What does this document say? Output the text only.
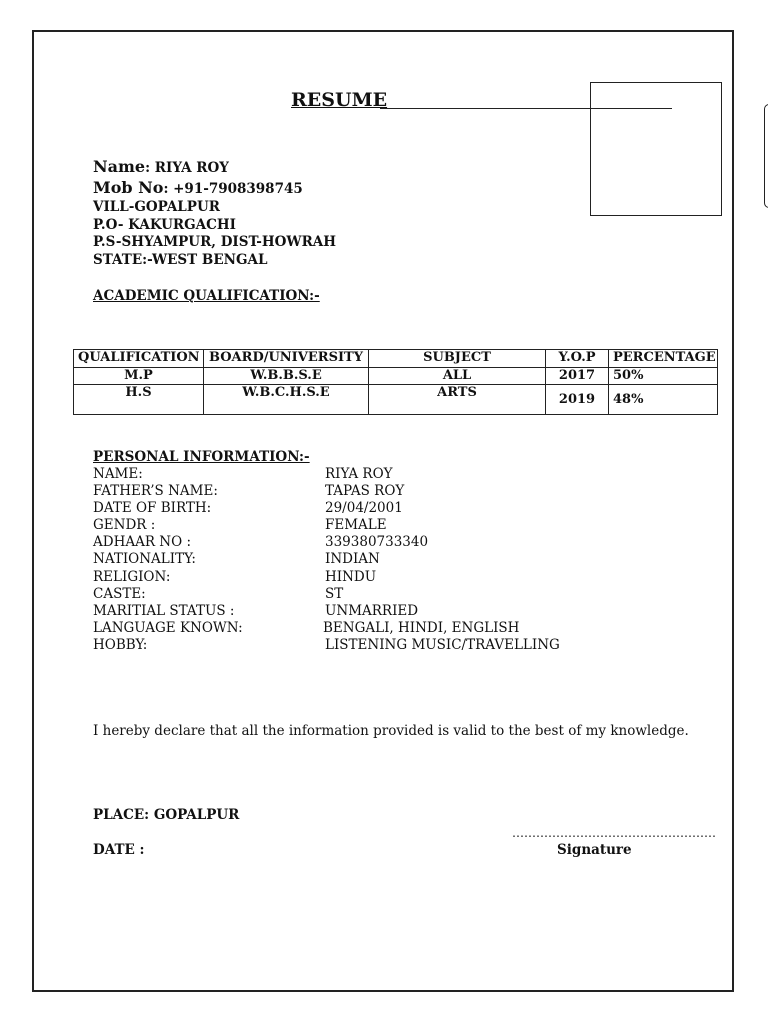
RESUME
Name: RIYA ROY
Mob No: +91-7908398745
VILL-GOPALPUR
P.O- KAKURGACHI
P.S-SHYAMPUR, DIST-HOWRAH
STATE:-WEST BENGAL
ACADEMIC QUALIFICATION:-
QUALIFICATION	BOARD/UNIVERSITY	SUBJECT	Y.O.P	PERCENTAGE
M.P	W.B.B.S.E	ALL	2017	50%
H.S	W.B.C.H.S.E	ARTS	2019	48%
PERSONAL INFORMATION:-
NAME:	RIYA ROY
FATHER’S NAME:	TAPAS ROY
DATE OF BIRTH:	29/04/2001
GENDR :	FEMALE
ADHAAR NO :	339380733340
NATIONALITY:	INDIAN
RELIGION:	HINDU
CASTE:	ST
MARITIAL STATUS :	UNMARRIED
LANGUAGE KNOWN:	BENGALI, HINDI, ENGLISH
HOBBY:	LISTENING MUSIC/TRAVELLING
I hereby declare that all the information provided is valid to the best of my knowledge.
PLACE: GOPALPUR
……………………………………………
DATE :	Signature
